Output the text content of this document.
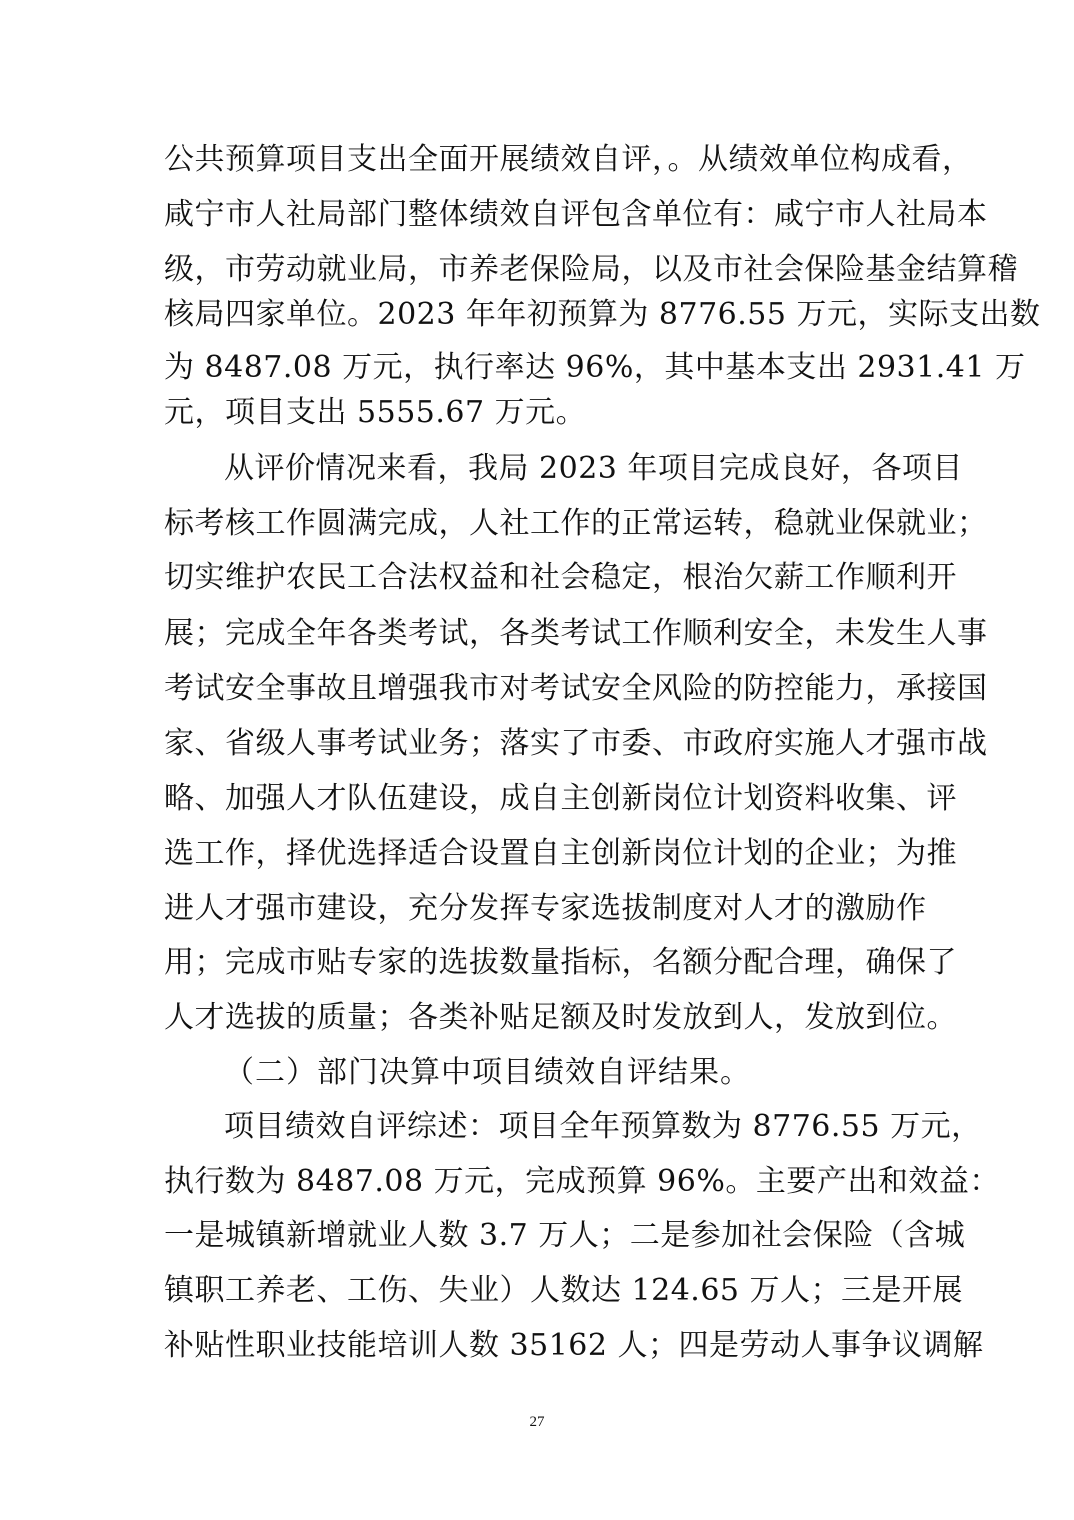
公共预算项目支出全面开展绩效自评，。从绩效单位构成看，
咸宁市人社局部门整体绩效自评包含单位有：咸宁市人社局本
级，市劳动就业局，市养老保险局，以及市社会保险基金结算稽
核局四家单位。2023 年年初预算为 8776.55 万元，实际支出数
为 8487.08 万元，执行率达 96%，其中基本支出 2931.41 万
元，项目支出 5555.67 万元。
从评价情况来看，我局 2023 年项目完成良好，各项目
标考核工作圆满完成，人社工作的正常运转，稳就业保就业；
切实维护农民工合法权益和社会稳定，根治欠薪工作顺利开
展；完成全年各类考试，各类考试工作顺利安全，未发生人事
考试安全事故且增强我市对考试安全风险的防控能力，承接国
家、省级人事考试业务；落实了市委、市政府实施人才强市战
略、加强人才队伍建设，成自主创新岗位计划资料收集、评
选工作，择优选择适合设置自主创新岗位计划的企业；为推
进人才强市建设，充分发挥专家选拔制度对人才的激励作
用；完成市贴专家的选拔数量指标，名额分配合理，确保了
人才选拔的质量；各类补贴足额及时发放到人，发放到位。
（二）部门决算中项目绩效自评结果。
项目绩效自评综述：项目全年预算数为 8776.55 万元，
执行数为 8487.08 万元，完成预算 96%。主要产出和效益：
一是城镇新增就业人数 3.7 万人；二是参加社会保险（含城
镇职工养老、工伤、失业）人数达 124.65 万人；三是开展
补贴性职业技能培训人数 35162 人；四是劳动人事争议调解
27
